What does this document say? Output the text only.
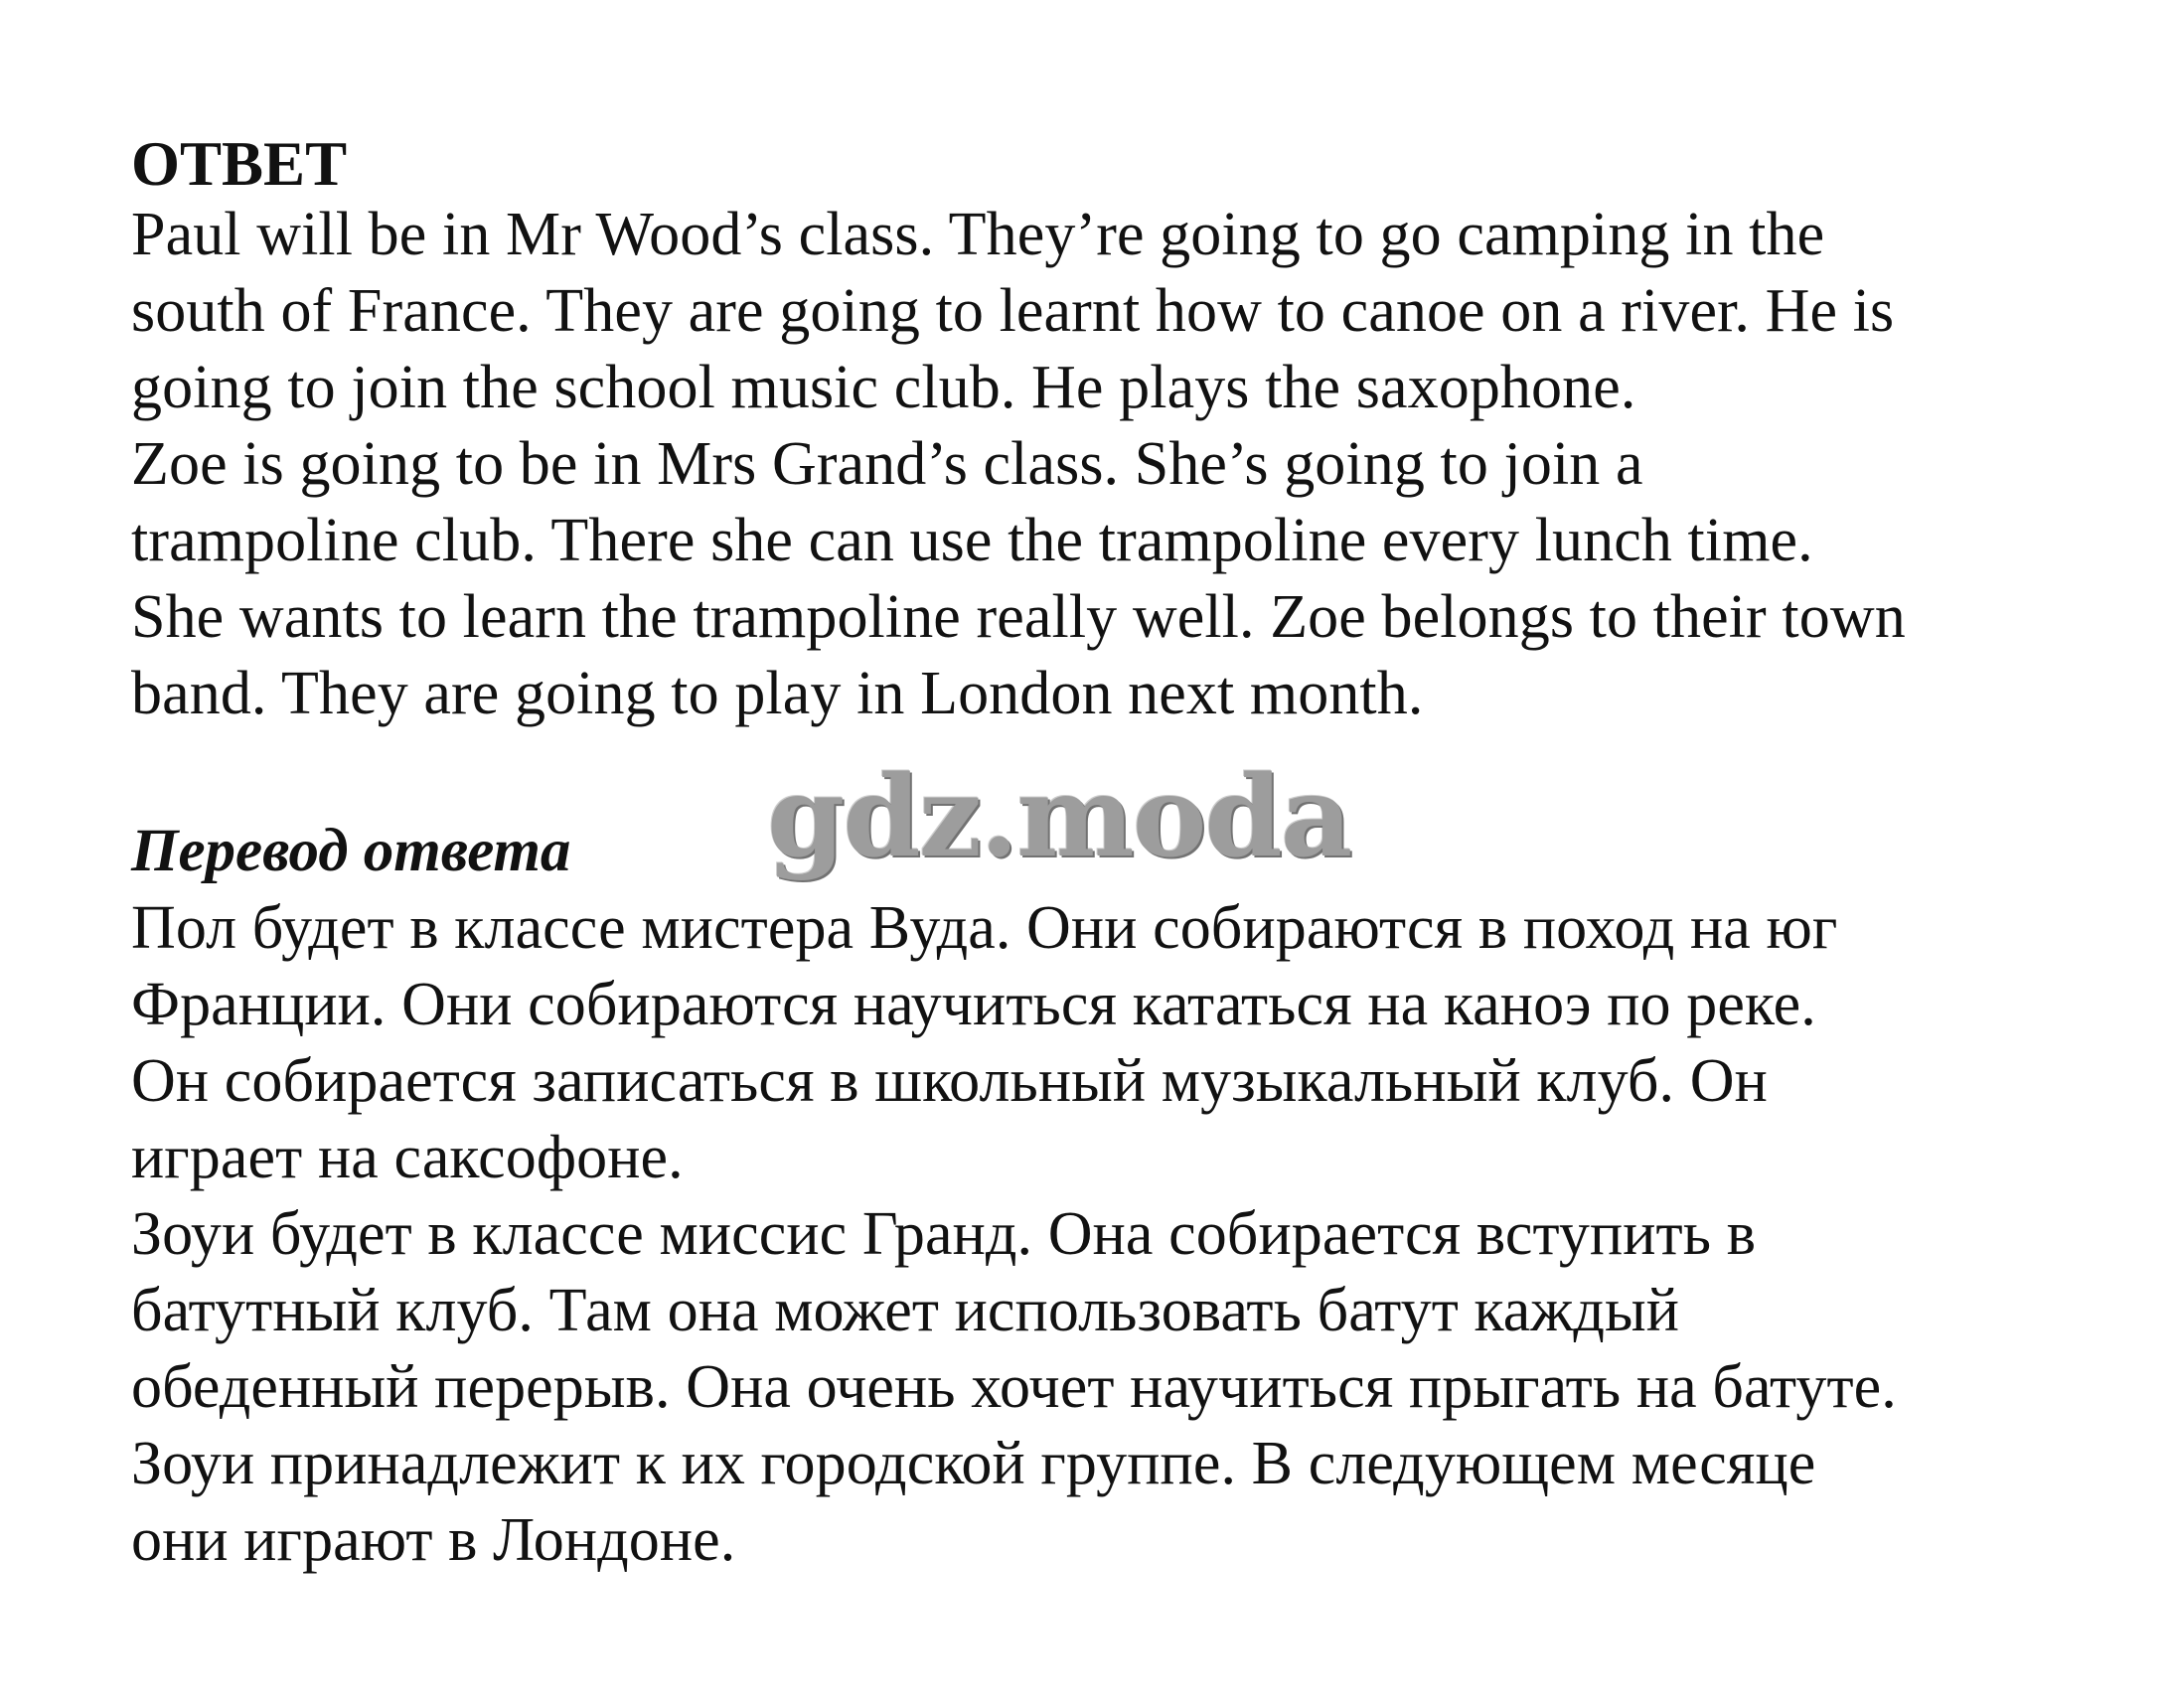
ОТВЕТ
Paul will be in Mr Wood’s class. They’re going to go camping in the
south of France. They are going to learnt how to canoe on a river. He is
going to join the school music club. He plays the saxophone.
Zoe is going to be in Mrs Grand’s class. She’s going to join a
trampoline club. There she can use the trampoline every lunch time.
She wants to learn the trampoline really well. Zoe belongs to their town
band. They are going to play in London next month.
Перевод ответа gdz.moda
Пол будет в классе мистера Вуда. Они собираются в поход на юг
Франции. Они собираются научиться кататься на каноэ по реке.
Он собирается записаться в школьный музыкальный клуб. Он
играет на саксофоне.
Зоуи будет в классе миссис Гранд. Она собирается вступить в
батутный клуб. Там она может использовать батут каждый
обеденный перерыв. Она очень хочет научиться прыгать на батуте.
Зоуи принадлежит к их городской группе. В следующем месяце
они играют в Лондоне.
